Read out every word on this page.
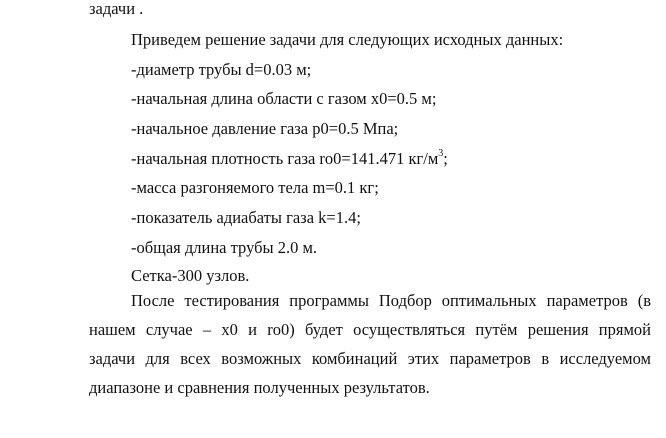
задачи .
Приведем решение задачи для следующих исходных данных:
-диаметр трубы d=0.03 м;
-начальная длина области с газом x0=0.5 м;
-начальное давление газа p0=0.5 Мпа;
-начальная плотность газа ro0=141.471 $кг/м^3$;
-масса разгоняемого тела m=0.1 кг;
-показатель адиабаты газа k=1.4;
-общая длина трубы 2.0 м.
Сетка-300 узлов.
После тестирования программы Подбор оптимальных параметров (в
нашем случае – x0 и ro0) будет осуществляться путём решения прямой
задачи для всех возможных комбинаций этих параметров в исследуемом
диапазоне и сравнения полученных результатов.
